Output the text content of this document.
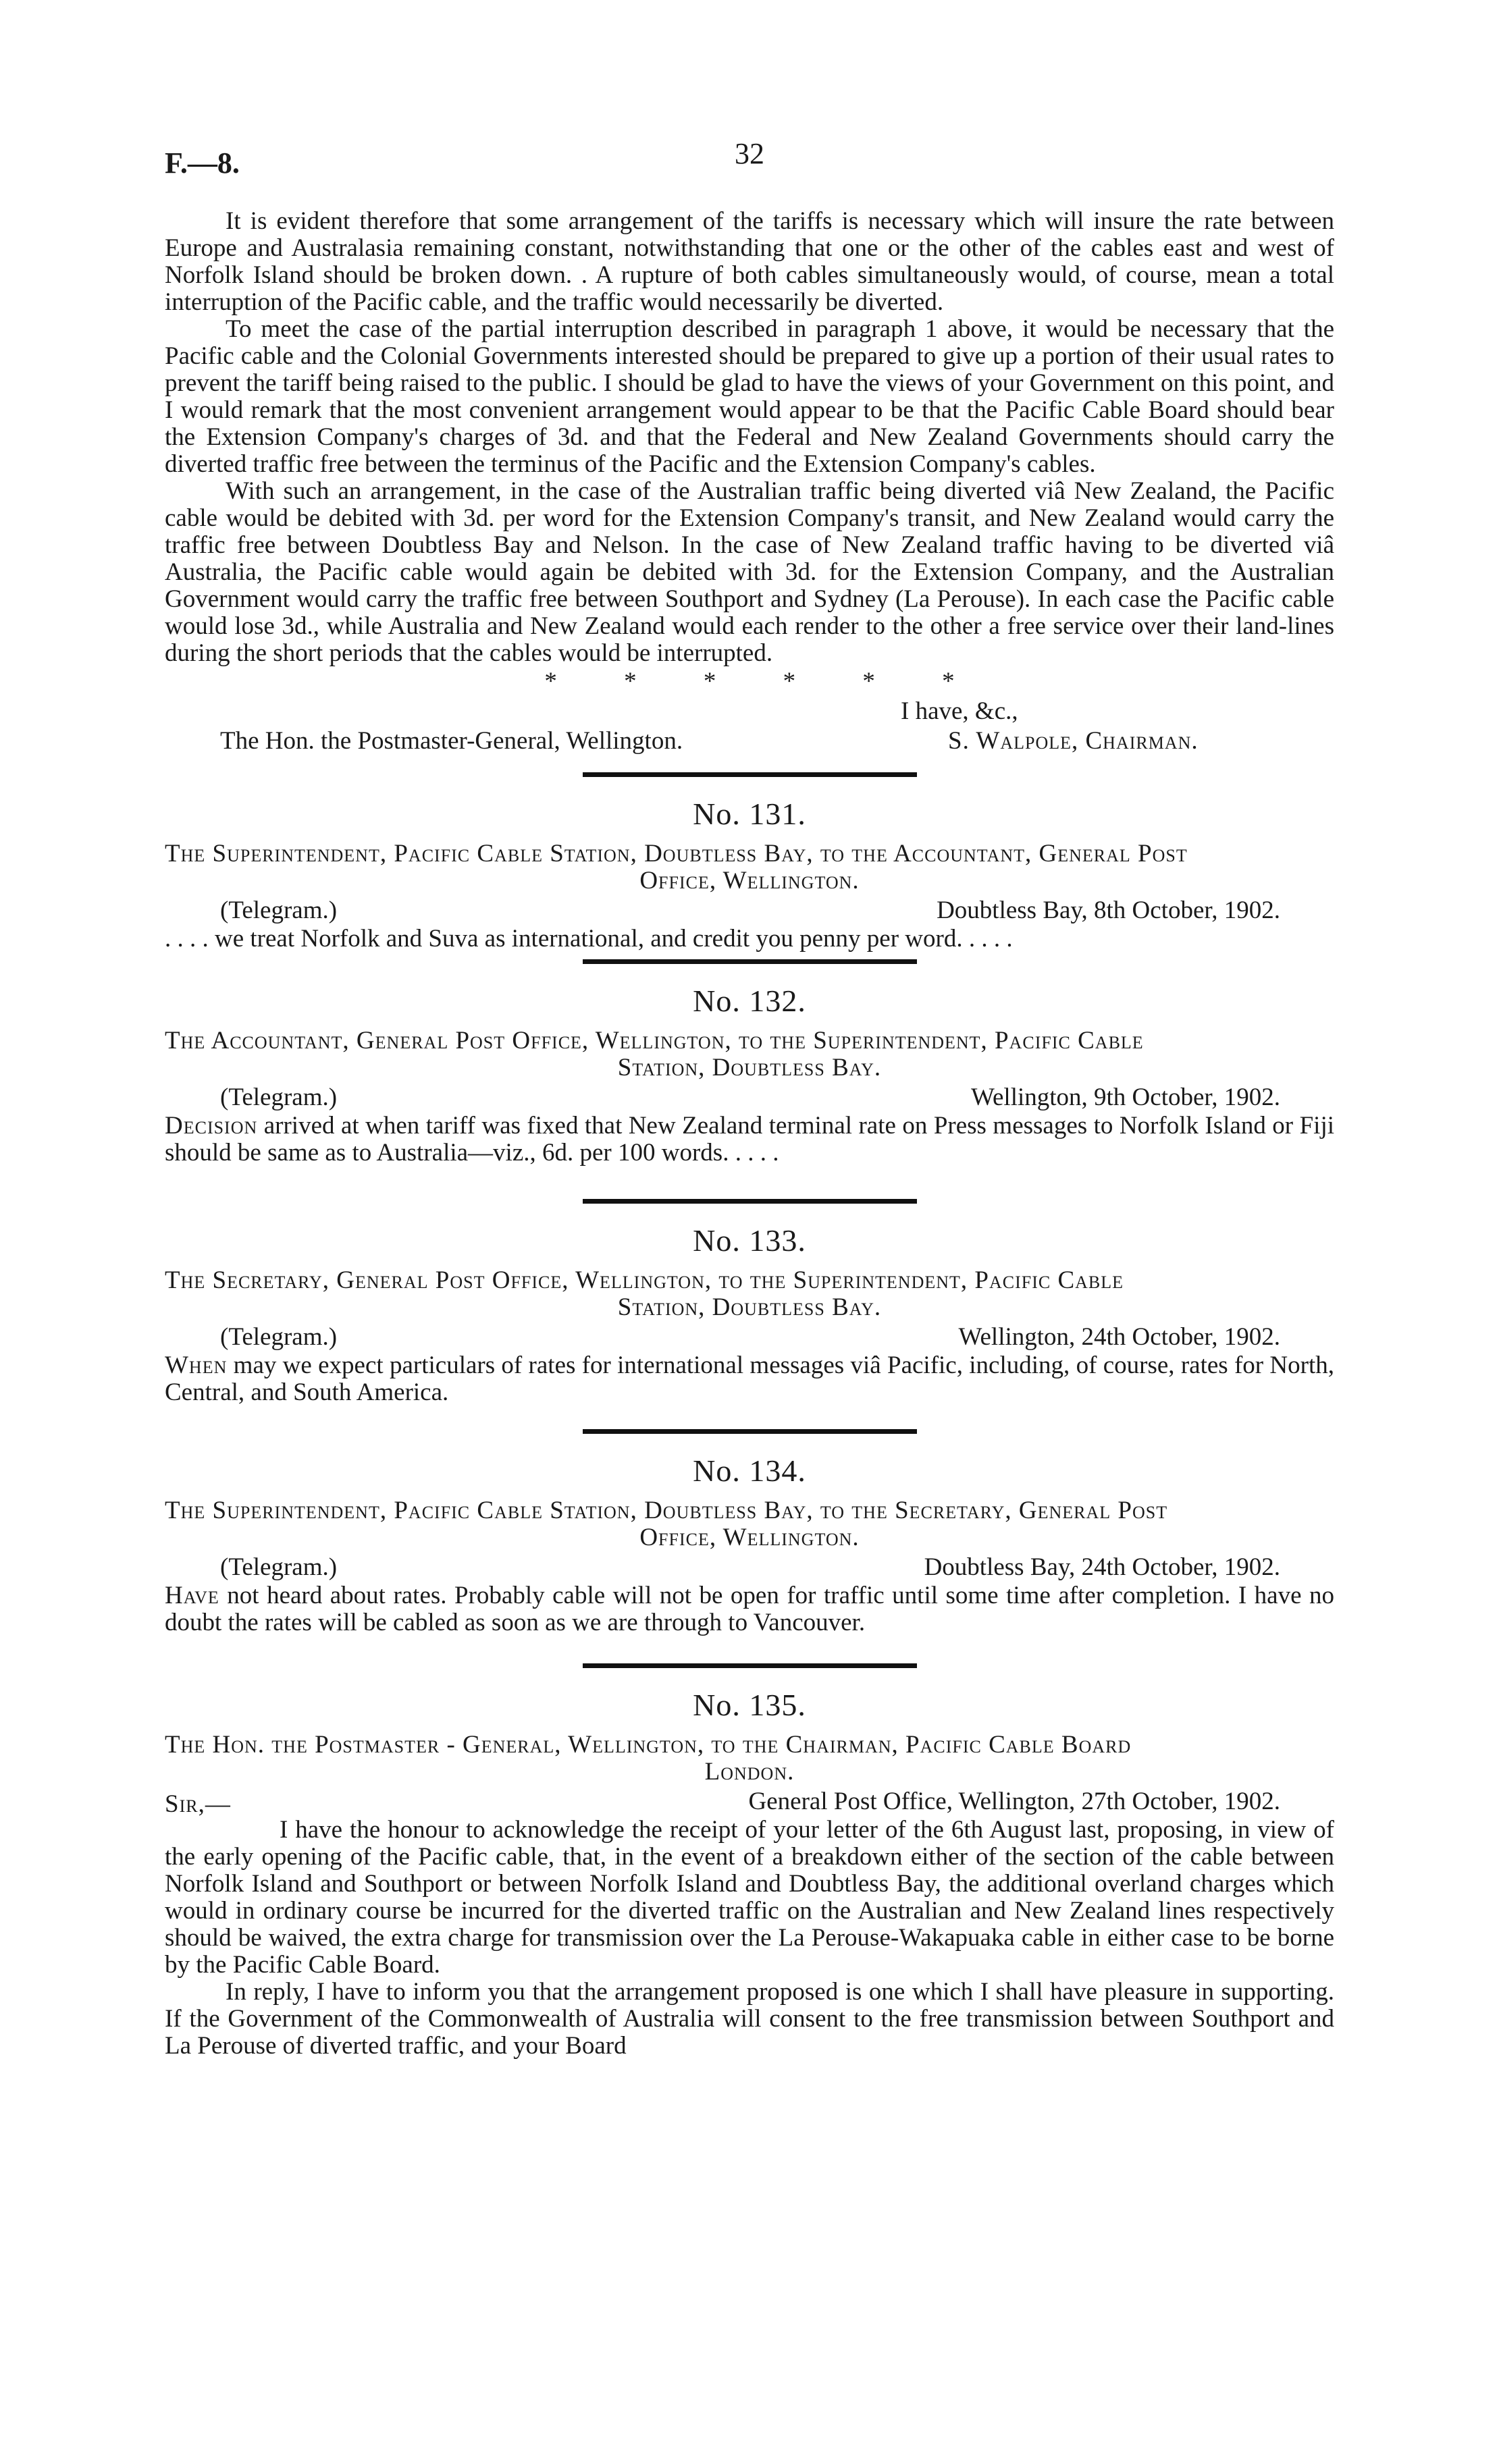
F.—8.	32

It is evident therefore that some arrangement of the tariffs is necessary which will insure the rate between Europe and Australasia remaining constant, notwithstanding that one or the other of the cables east and west of Norfolk Island should be broken down. . A rupture of both cables simultaneously would, of course, mean a total interruption of the Pacific cable, and the traffic would necessarily be diverted.

To meet the case of the partial interruption described in paragraph 1 above, it would be necessary that the Pacific cable and the Colonial Governments interested should be prepared to give up a portion of their usual rates to prevent the tariff being raised to the public. I should be glad to have the views of your Government on this point, and I would remark that the most convenient arrangement would appear to be that the Pacific Cable Board should bear the Extension Company's charges of 3d. and that the Federal and New Zealand Governments should carry the diverted traffic free between the terminus of the Pacific and the Extension Company's cables.

With such an arrangement, in the case of the Australian traffic being diverted viâ New Zealand, the Pacific cable would be debited with 3d. per word for the Extension Company's transit, and New Zealand would carry the traffic free between Doubtless Bay and Nelson. In the case of New Zealand traffic having to be diverted viâ Australia, the Pacific cable would again be debited with 3d. for the Extension Company, and the Australian Government would carry the traffic free between Southport and Sydney (La Perouse). In each case the Pacific cable would lose 3d., while Australia and New Zealand would each render to the other a free service over their land-lines during the short periods that the cables would be interrupted.

* * * * * *
I have, &c.,
The Hon. the Postmaster-General, Wellington.	S. Walpole, Chairman.
No. 131.
The Superintendent, Pacific Cable Station, Doubtless Bay, to the Accountant, General Post
Office, Wellington.
(Telegram.)	Doubtless Bay, 8th October, 1902.

. . . . we treat Norfolk and Suva as international, and credit you penny per word. . . . .

No. 132.
The Accountant, General Post Office, Wellington, to the Superintendent, Pacific Cable
Station, Doubtless Bay.
(Telegram.)	Wellington, 9th October, 1902.

Decision arrived at when tariff was fixed that New Zealand terminal rate on Press messages to Norfolk Island or Fiji should be same as to Australia—viz., 6d. per 100 words. . . . .

No. 133.
The Secretary, General Post Office, Wellington, to the Superintendent, Pacific Cable
Station, Doubtless Bay.
(Telegram.)	Wellington, 24th October, 1902.

When may we expect particulars of rates for international messages viâ Pacific, including, of course, rates for North, Central, and South America.

No. 134.
The Superintendent, Pacific Cable Station, Doubtless Bay, to the Secretary, General Post
Office, Wellington.
(Telegram.)	Doubtless Bay, 24th October, 1902.

Have not heard about rates. Probably cable will not be open for traffic until some time after completion. I have no doubt the rates will be cabled as soon as we are through to Vancouver.

No. 135.
The Hon. the Postmaster - General, Wellington, to the Chairman, Pacific Cable Board
London.
Sir,—	General Post Office, Wellington, 27th October, 1902.

I have the honour to acknowledge the receipt of your letter of the 6th August last, proposing, in view of the early opening of the Pacific cable, that, in the event of a breakdown either of the section of the cable between Norfolk Island and Southport or between Norfolk Island and Doubtless Bay, the additional overland charges which would in ordinary course be incurred for the diverted traffic on the Australian and New Zealand lines respectively should be waived, the extra charge for transmission over the La Perouse-Wakapuaka cable in either case to be borne by the Pacific Cable Board.

In reply, I have to inform you that the arrangement proposed is one which I shall have pleasure in supporting. If the Government of the Commonwealth of Australia will consent to the free transmission between Southport and La Perouse of diverted traffic, and your Board
